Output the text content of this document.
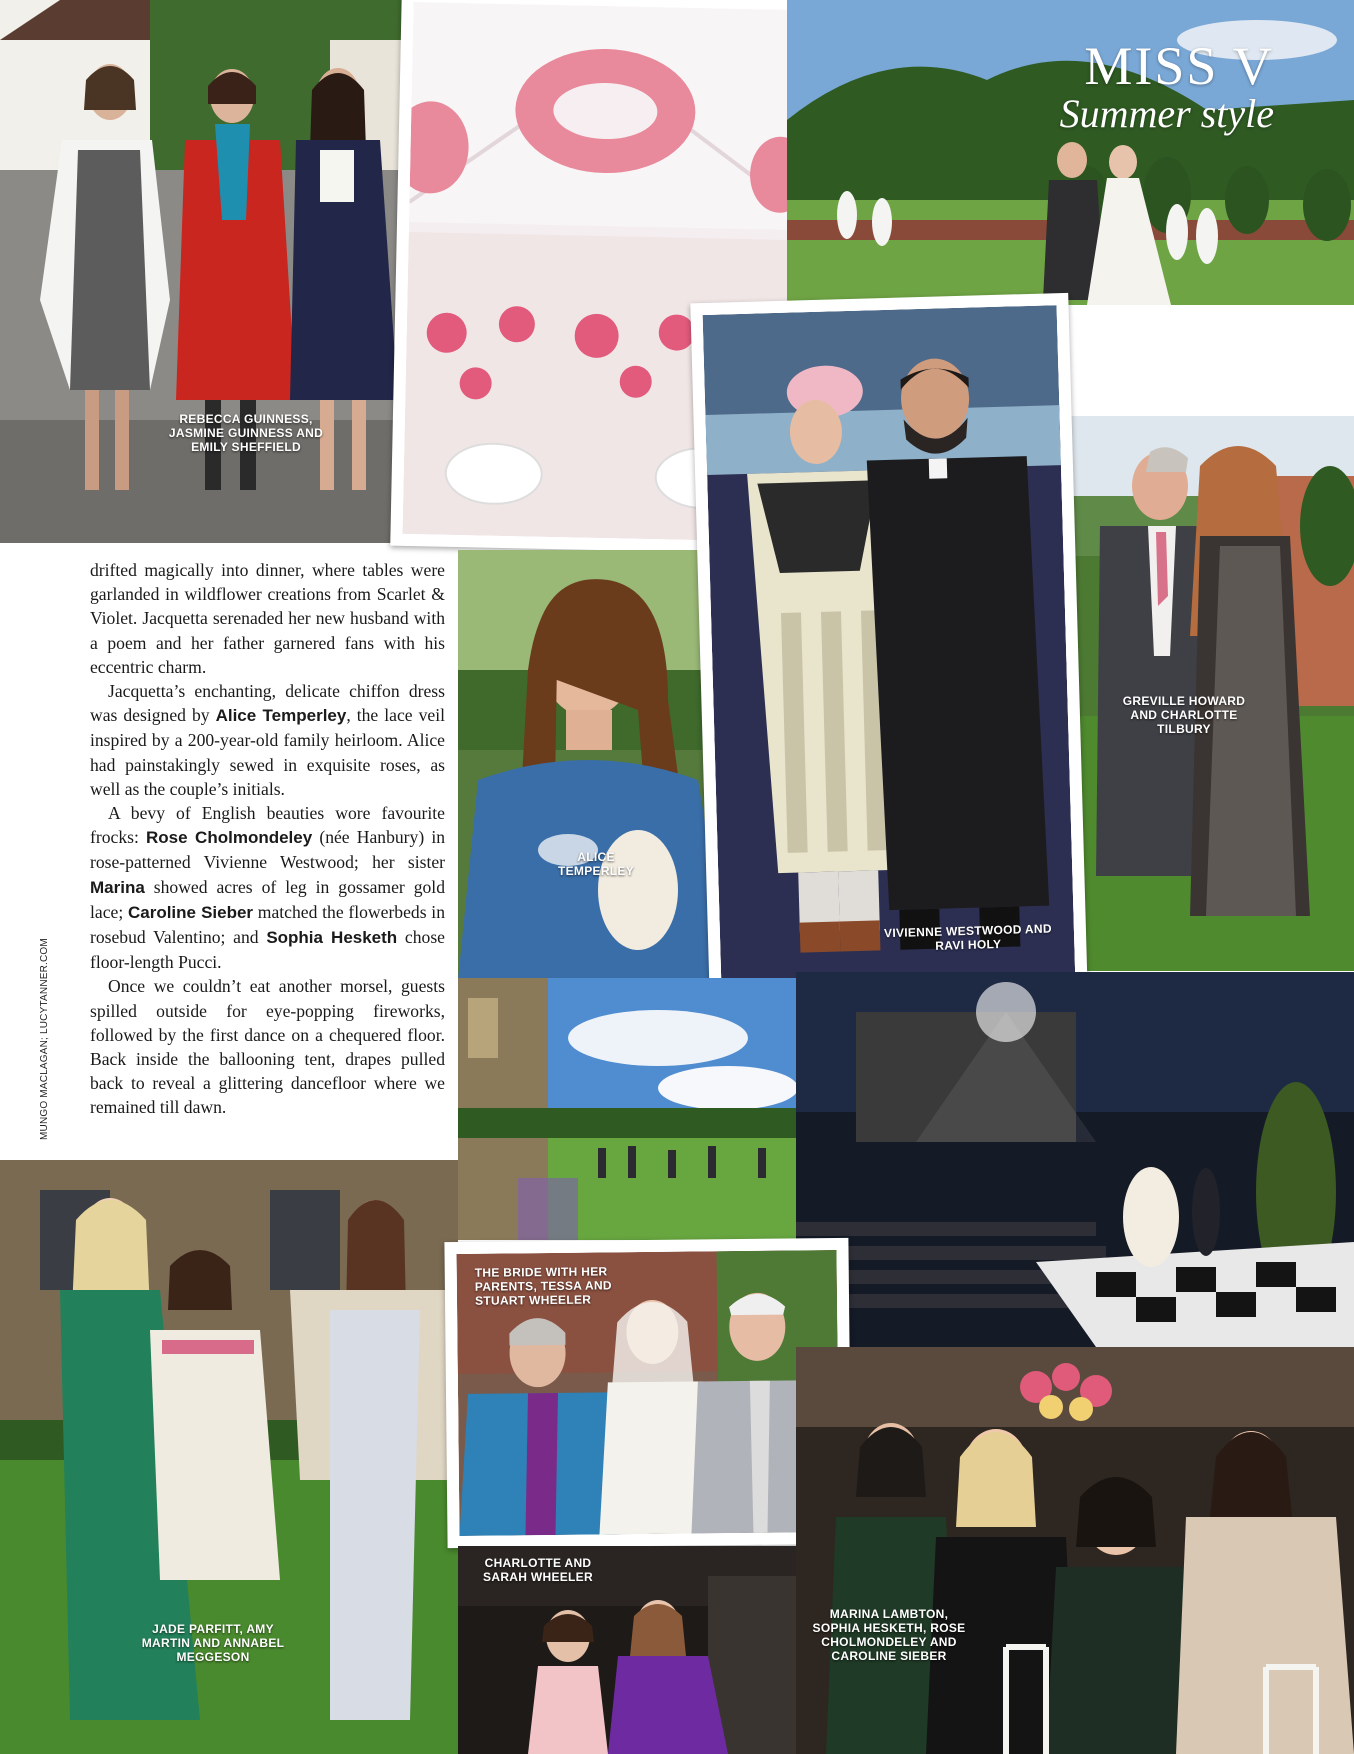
REBECCA GUINNESS, JASMINE GUINNESS AND EMILY SHEFFIELD
MISS V
Summer style
GREVILLE HOWARD AND CHARLOTTE TILBURY
ALICE TEMPERLEY
VIVIENNE WESTWOOD AND RAVI HOLY
JADE PARFITT, AMY MARTIN AND ANNABEL MEGGESON
THE BRIDE WITH HER PARENTS, TESSA AND STUART WHEELER
CHARLOTTE AND SARAH WHEELER
MARINA LAMBTON, SOPHIA HESKETH, ROSE CHOLMONDELEY AND CAROLINE SIEBER

drifted magically into dinner, where tables were garlanded in wildflower creations from Scarlet & Violet. Jacquetta serenaded her new husband with a poem and her father garnered fans with his eccentric charm.

Jacquetta’s enchanting, delicate chiffon dress was designed by Alice Temperley, the lace veil inspired by a 200-year-old family heirloom. Alice had painstakingly sewed in exquisite roses, as well as the couple’s initials.

A bevy of English beauties wore favourite frocks: Rose Cholmondeley (née Hanbury) in rose-patterned Vivienne Westwood; her sister Marina showed acres of leg in gossamer gold lace; Caroline Sieber matched the flowerbeds in rosebud Valentino; and Sophia Hesketh chose floor-length Pucci.

Once we couldn’t eat another morsel, guests spilled outside for eye-popping fireworks, followed by the first dance on a chequered floor. Back inside the ballooning tent, drapes pulled back to reveal a glittering dancefloor where we remained till dawn.

MUNGO MACLAGAN; LUCYTANNER.COM
